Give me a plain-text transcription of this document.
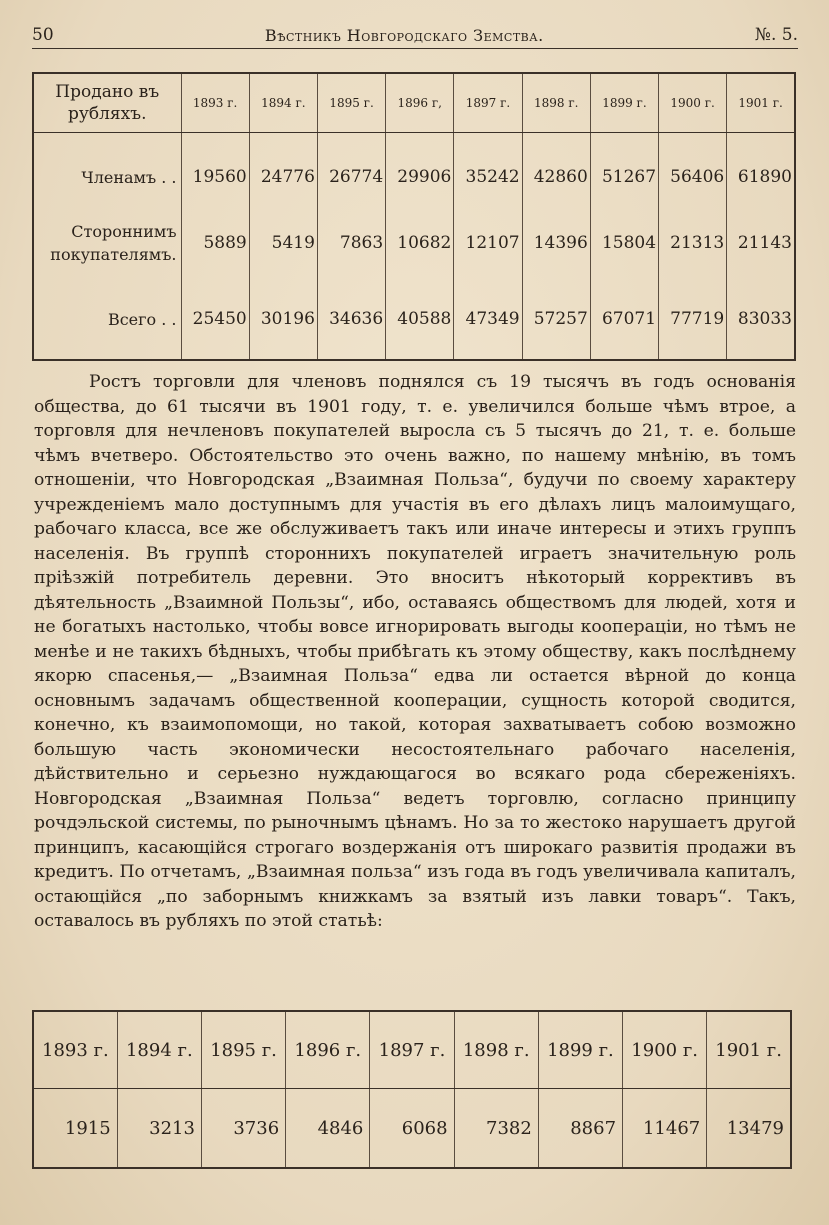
50	Вѣстникъ Новгородскаго Земства.	№. 5.
Продано въ рубляхъ.	1893 г.	1894 г.	1895 г.	1896 г,	1897 г.	1898 г.	1899 г.	1900 г.	1901 г.
Членамъ . .	19560	24776	26774	29906	35242	42860	51267	56406	61890
Стороннимъ покупателямъ.	5889	5419	7863	10682	12107	14396	15804	21313	21143
Всего . .	25450	30196	34636	40588	47349	57257	67071	77719	83033

Ростъ торговли для членовъ поднялся съ 19 тысячъ въ годъ основанія общества, до 61 тысячи въ 1901 году, т. е. увеличился больше чѣмъ втрое, а торговля для нечленовъ покупателей выросла съ 5 тысячъ до 21, т. е. больше чѣмъ вчетверо. Обстоятельство это очень важно, по нашему мнѣнію, въ томъ отношеніи, что Новгородская „Взаимная Польза“, будучи по своему характеру учрежденіемъ мало доступнымъ для участія въ его дѣлахъ лицъ малоимущаго, рабочаго класса, все же обслуживаетъ такъ или иначе интересы и этихъ группъ населенія. Въ группѣ стороннихъ покупателей играетъ значительную роль пріѣзжій потребитель деревни. Это вноситъ нѣкоторый коррективъ въ дѣятельность „Взаимной Пользы“, ибо, оставаясь обществомъ для людей, хотя и не богатыхъ настолько, чтобы вовсе игнорировать выгоды коопераціи, но тѣмъ не менѣе и не такихъ бѣдныхъ, чтобы прибѣгать къ этому обществу, какъ послѣднему якорю спасенья,— „Взаимная Польза“ едва ли остается вѣрной до конца основнымъ задачамъ общественной кооперации, сущность которой сводится, конечно, къ взаимопомощи, но такой, которая захватываетъ собою возможно большую часть экономически несостоятельнаго рабочаго населенія, дѣйствительно и серьезно нуждающагося во всякаго рода сбереженіяхъ. Новгородская „Взаимная Польза“ ведетъ торговлю, согласно принципу рочдэльской системы, по рыночнымъ цѣнамъ. Но за то жестоко нарушаетъ другой принципъ, касающійся строгаго воздержанія отъ широкаго развитія продажи въ кредитъ. По отчетамъ, „Взаимная польза“ изъ года въ годъ увеличивала капиталъ, остающійся „по заборнымъ книжкамъ за взятый изъ лавки товаръ“. Такъ, оставалось въ рубляхъ по этой статьѣ:

1893 г.	1894 г.	1895 г.	1896 г.	1897 г.	1898 г.	1899 г.	1900 г.	1901 г.
1915	3213	3736	4846	6068	7382	8867	11467	13479
